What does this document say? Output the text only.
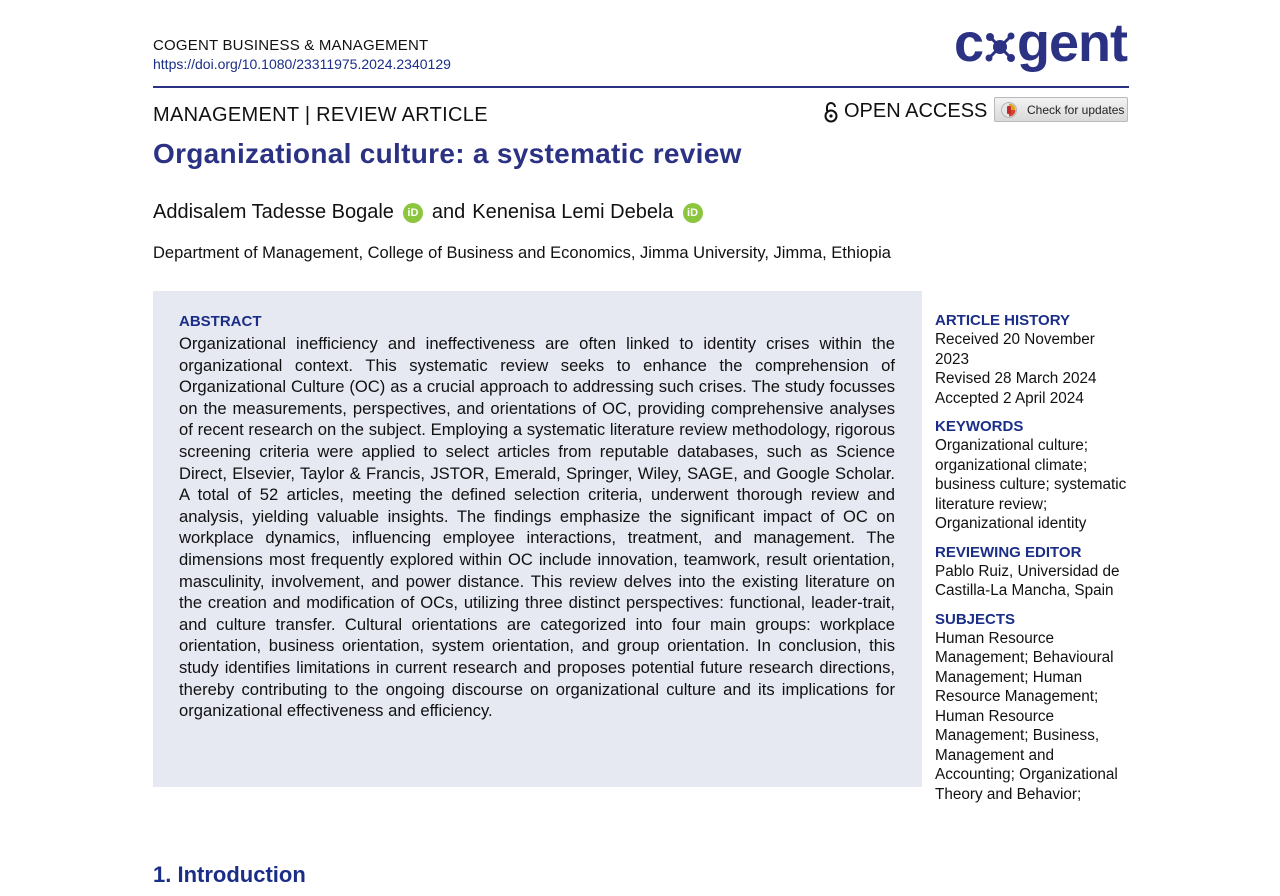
COGENT BUSINESS & MANAGEMENT
https://doi.org/10.1080/23311975.2024.2340129	c gent
MANAGEMENT | REVIEW ARTICLE	OPEN ACCESS	Check for updates
Organizational culture: a systematic review
Addisalem Tadesse Bogale	iD and Kenenisa Lemi Debela	iD
Department of Management, College of Business and Economics, Jimma University, Jimma, Ethiopia
ABSTRACT

Organizational inefficiency and ineffectiveness are often linked to identity crises within the organizational context. This systematic review seeks to enhance the comprehension of Organizational Culture (OC) as a crucial approach to addressing such crises. The study focusses on the measurements, perspectives, and orientations of OC, providing comprehensive analyses of recent research on the subject. Employing a systematic literature review methodology, rigorous screening criteria were applied to select articles from reputable databases, such as Science Direct, Elsevier, Taylor & Francis, JSTOR, Emerald, Springer, Wiley, SAGE, and Google Scholar. A total of 52 articles, meeting the defined selection criteria, underwent thorough review and analysis, yielding valuable insights. The findings emphasize the significant impact of OC on workplace dynamics, influencing employee interactions, treatment, and management. The dimensions most frequently explored within OC include innovation, teamwork, result orientation, masculinity, involvement, and power distance. This review delves into the existing literature on the creation and modification of OCs, utilizing three distinct perspectives: functional, leader-trait, and culture transfer. Cultural orientations are categorized into four main groups: workplace orientation, business orientation, system orientation, and group orientation. In conclusion, this study identifies limitations in current research and proposes potential future research directions, thereby contributing to the ongoing discourse on organizational culture and its implications for organizational effectiveness and efficiency.

ARTICLE HISTORY

Received 20 November 2023

Revised 28 March 2024

Accepted 2 April 2024

KEYWORDS

Organizational culture; organizational climate; business culture; systematic literature review; Organizational identity

REVIEWING EDITOR

Pablo Ruiz, Universidad de Castilla-La Mancha, Spain

SUBJECTS

Human Resource Management; Behavioural Management; Human Resource Management; Human Resource Management; Business, Management and Accounting; Organizational Theory and Behavior;

1. Introduction
